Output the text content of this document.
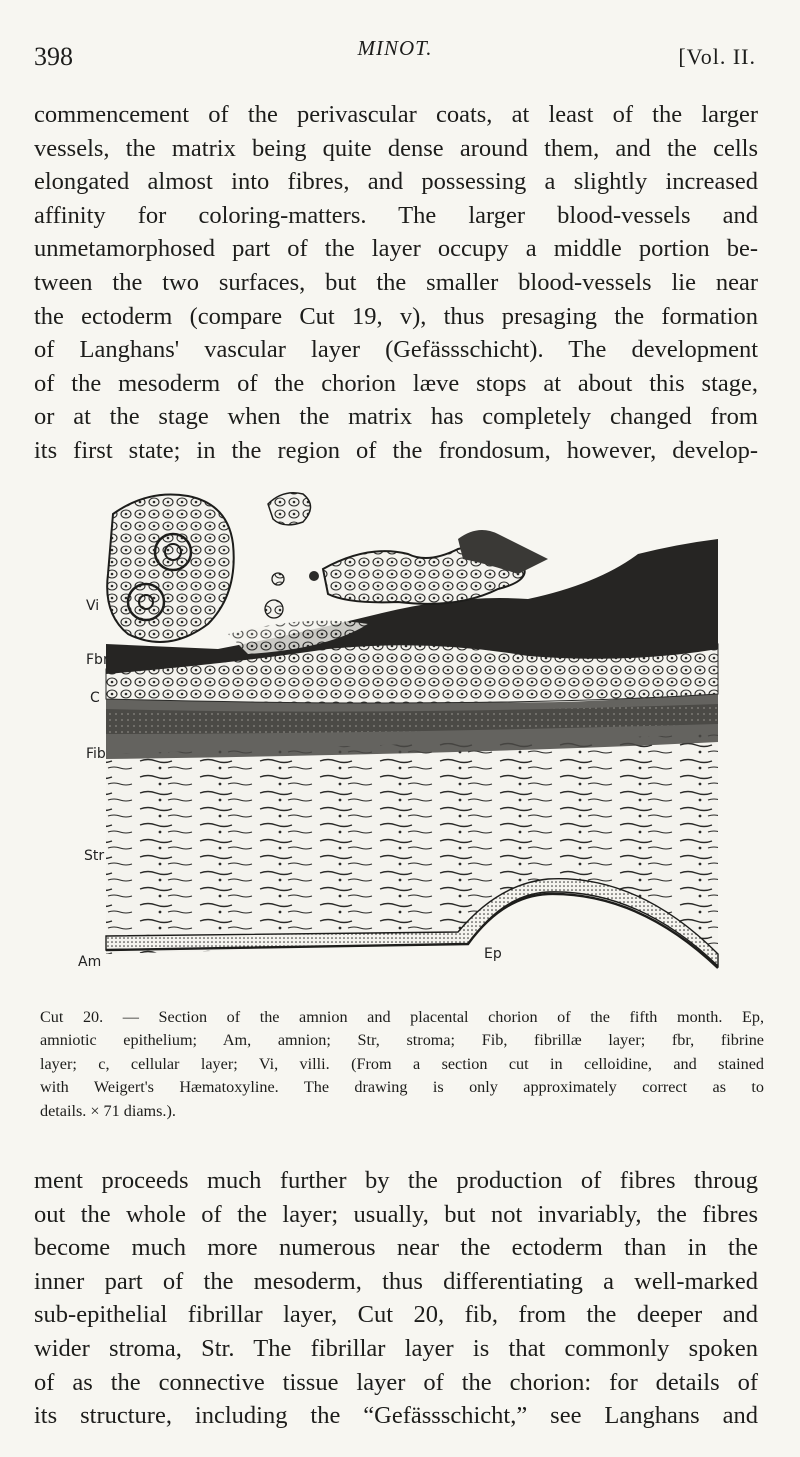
398	MINOT.	[Vol. II.
commencement of the perivascular coats, at least of the larger
vessels, the matrix being quite dense around them, and the cells
elongated almost into fibres, and possessing a slightly increased
affinity for coloring-matters. The larger blood-vessels and
unmetamorphosed part of the layer occupy a middle portion be-
tween the two surfaces, but the smaller blood-vessels lie near
the ectoderm (compare Cut 19, v), thus presaging the formation
of Langhans' vascular layer (Gefässschicht). The development
of the mesoderm of the chorion læve stops at about this stage,
or at the stage when the matrix has completely changed from
its first state; in the region of the frondosum, however, develop-
Vi
Fbr
C
Fib
Str
Am	Ep
Cut 20. — Section of the amnion and placental chorion of the fifth month. Ep,
amniotic epithelium; Am, amnion; Str, stroma; Fib, fibrillæ layer; fbr, fibrine
layer; c, cellular layer; Vi, villi. (From a section cut in celloidine, and stained
with Weigert's Hæmatoxyline. The drawing is only approximately correct as to
details. × 71 diams.).
ment proceeds much further by the production of fibres throug
out the whole of the layer; usually, but not invariably, the fibres
become much more numerous near the ectoderm than in the
inner part of the mesoderm, thus differentiating a well-marked
sub-epithelial fibrillar layer, Cut 20, fib, from the deeper and
wider stroma, Str. The fibrillar layer is that commonly spoken
of as the connective tissue layer of the chorion: for details of
its structure, including the “Gefässschicht,” see Langhans and
